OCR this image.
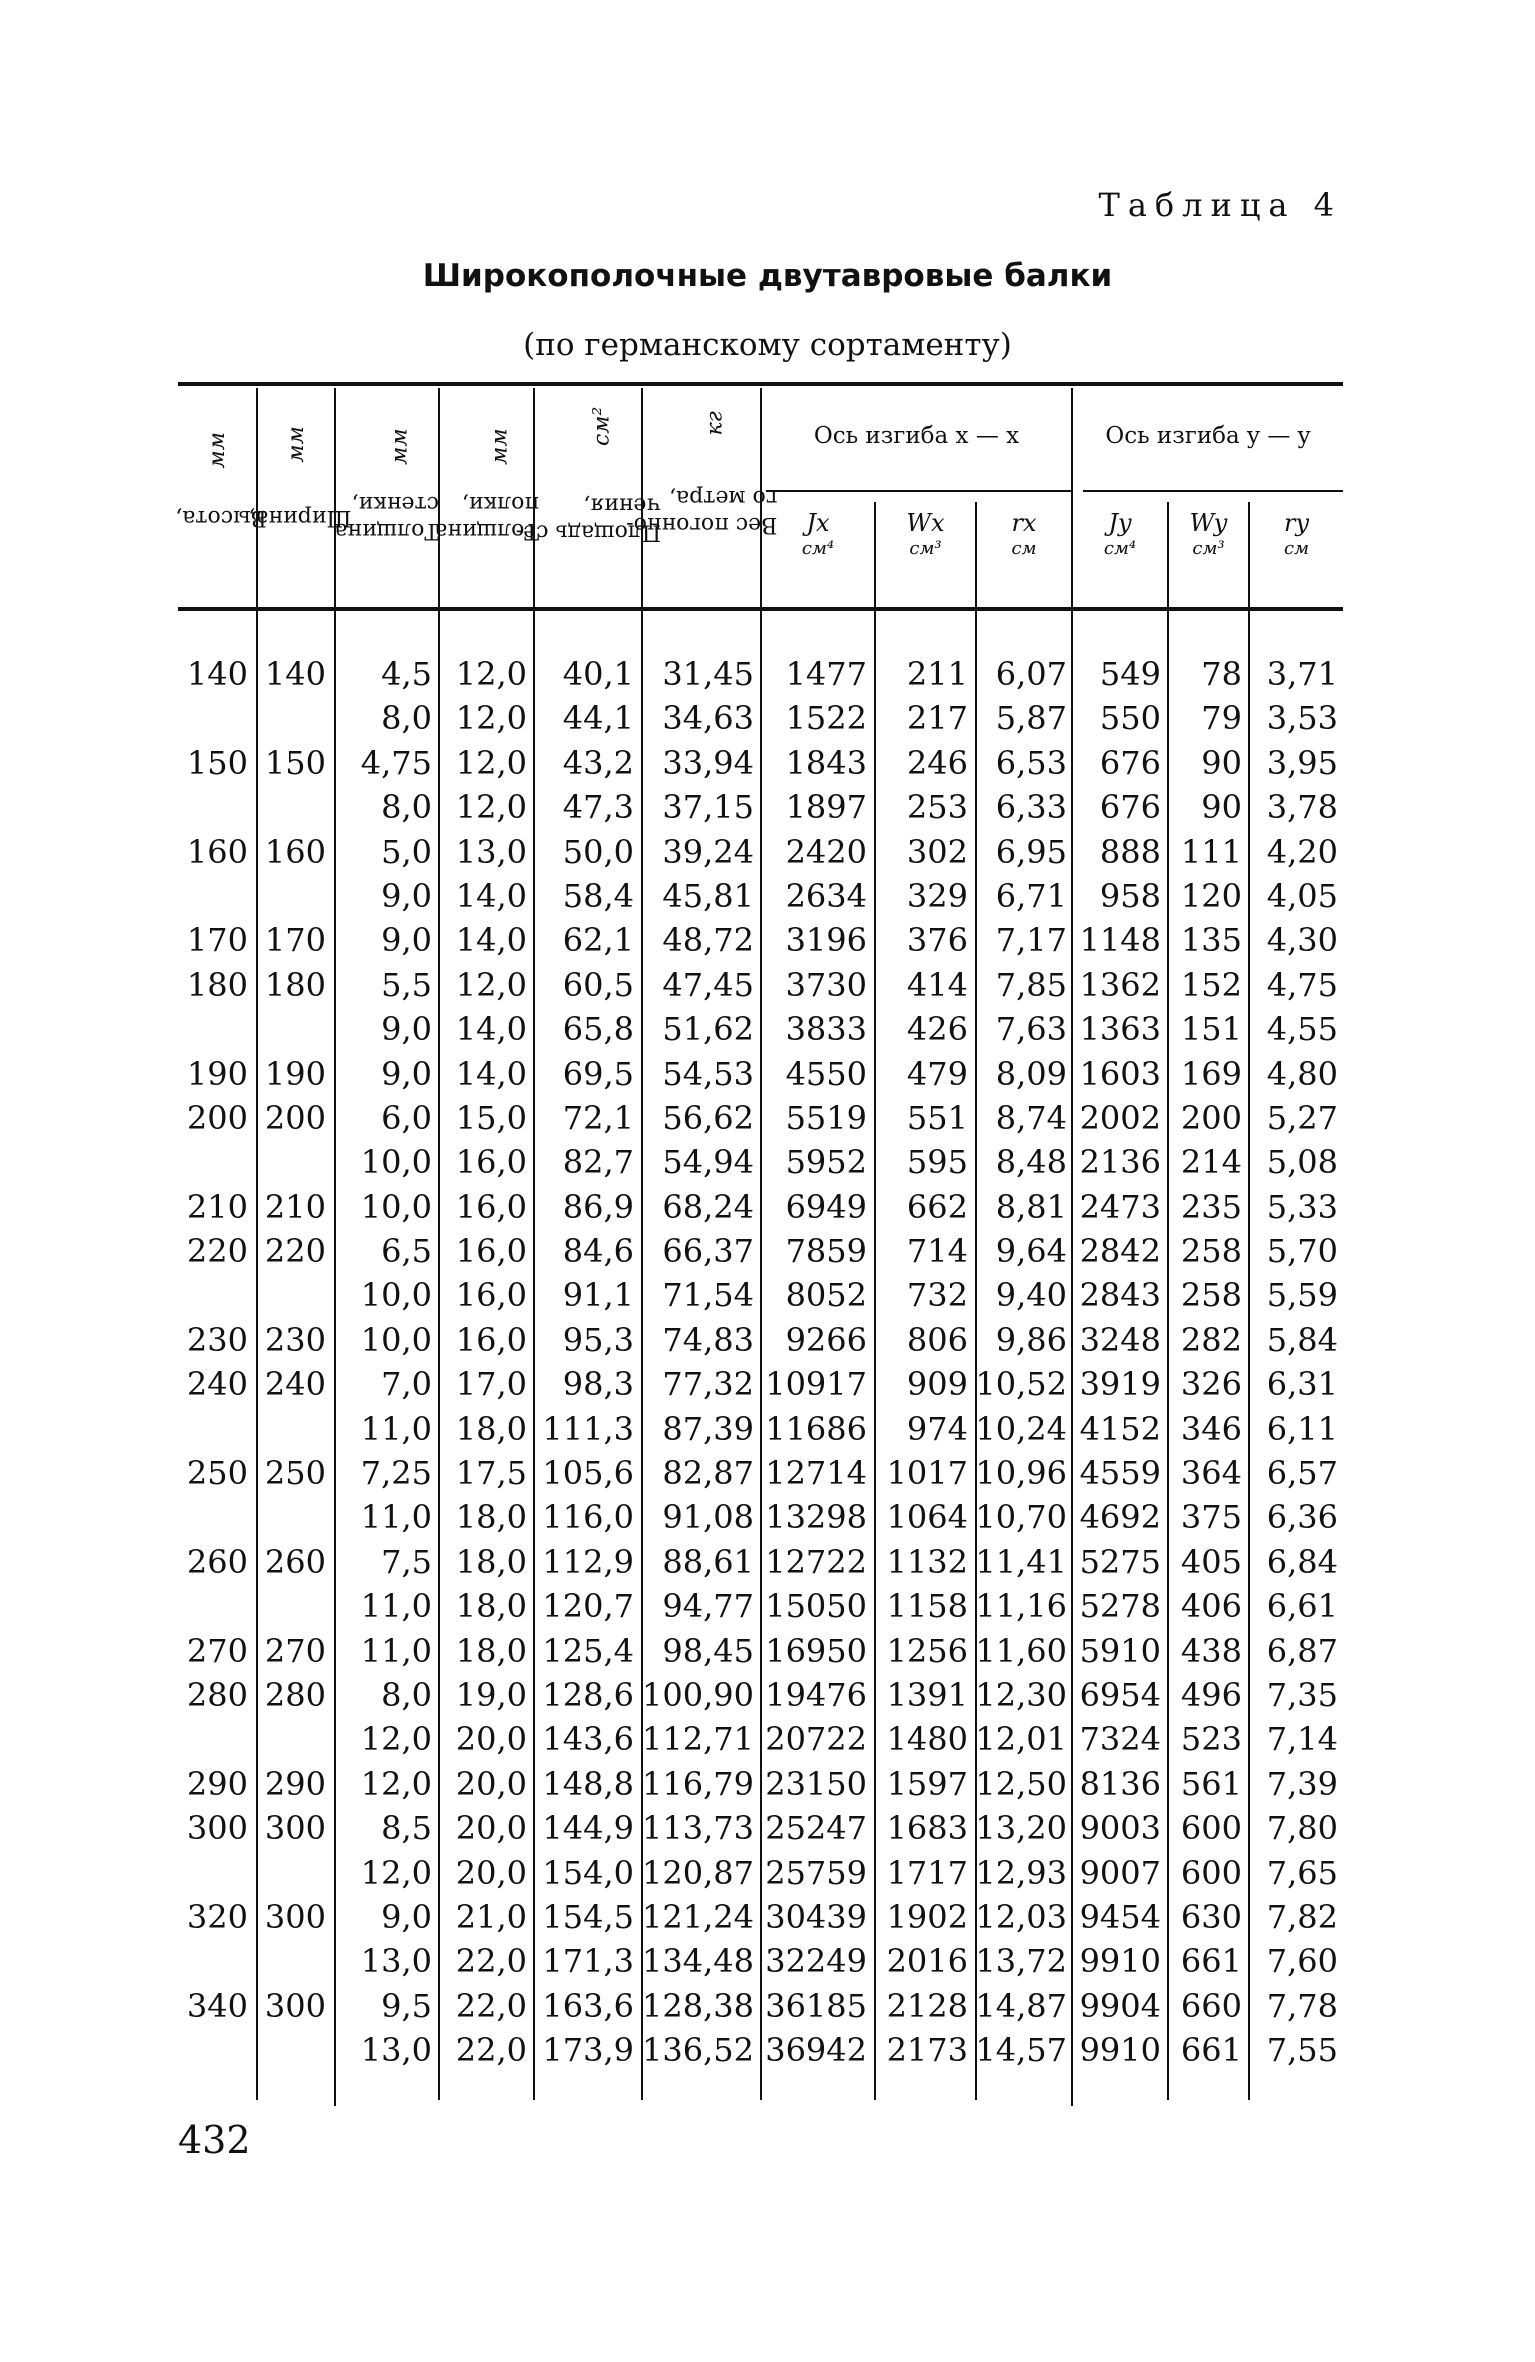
Таблица 4
Широкополочные двутавровые балки
(по германскому сортаменту)
Высота, мм
Ширина, мм
Толщина
стенки, мм
Толщина
полки, мм
Площадь се-
чения, см²
Вес погонно-
го метра, кг	Ось изгиба x — x	Ось изгиба y — y
Jx
см⁴
Wx
см³
rx
см
Jy
см⁴
Wy
см³
ry
см
140 140 4,5 12,0 40,1 31,45 1477 211 6,07 549 78 3,71
8,0 12,0 44,1 34,63 1522 217 5,87 550 79 3,53
150 150 4,75 12,0 43,2 33,94 1843 246 6,53 676 90 3,95
8,0 12,0 47,3 37,15 1897 253 6,33 676 90 3,78
160 160 5,0 13,0 50,0 39,24 2420 302 6,95 888 111 4,20
9,0 14,0 58,4 45,81 2634 329 6,71 958 120 4,05
170 170 9,0 14,0 62,1 48,72 3196 376 7,17 1148 135 4,30
180 180 5,5 12,0 60,5 47,45 3730 414 7,85 1362 152 4,75
9,0 14,0 65,8 51,62 3833 426 7,63 1363 151 4,55
190 190 9,0 14,0 69,5 54,53 4550 479 8,09 1603 169 4,80
200 200 6,0 15,0 72,1 56,62 5519 551 8,74 2002 200 5,27
10,0 16,0 82,7 54,94 5952 595 8,48 2136 214 5,08
210 210 10,0 16,0 86,9 68,24 6949 662 8,81 2473 235 5,33
220 220 6,5 16,0 84,6 66,37 7859 714 9,64 2842 258 5,70
10,0 16,0 91,1 71,54 8052 732 9,40 2843 258 5,59
230 230 10,0 16,0 95,3 74,83 9266 806 9,86 3248 282 5,84
240 240 7,0 17,0 98,3 77,32 10917 909 10,52 3919 326 6,31
11,0 18,0 111,3 87,39 11686 974 10,24 4152 346 6,11
250 250 7,25 17,5 105,6 82,87 12714 1017 10,96 4559 364 6,57
11,0 18,0 116,0 91,08 13298 1064 10,70 4692 375 6,36
260 260 7,5 18,0 112,9 88,61 12722 1132 11,41 5275 405 6,84
11,0 18,0 120,7 94,77 15050 1158 11,16 5278 406 6,61
270 270 11,0 18,0 125,4 98,45 16950 1256 11,60 5910 438 6,87
280 280 8,0 19,0 128,6 100,90 19476 1391 12,30 6954 496 7,35
12,0 20,0 143,6 112,71 20722 1480 12,01 7324 523 7,14
290 290 12,0 20,0 148,8 116,79 23150 1597 12,50 8136 561 7,39
300 300 8,5 20,0 144,9 113,73 25247 1683 13,20 9003 600 7,80
12,0 20,0 154,0 120,87 25759 1717 12,93 9007 600 7,65
320 300 9,0 21,0 154,5 121,24 30439 1902 12,03 9454 630 7,82
13,0 22,0 171,3 134,48 32249 2016 13,72 9910 661 7,60
340 300 9,5 22,0 163,6 128,38 36185 2128 14,87 9904 660 7,78
13,0 22,0 173,9 136,52 36942 2173 14,57 9910 661 7,55
432
